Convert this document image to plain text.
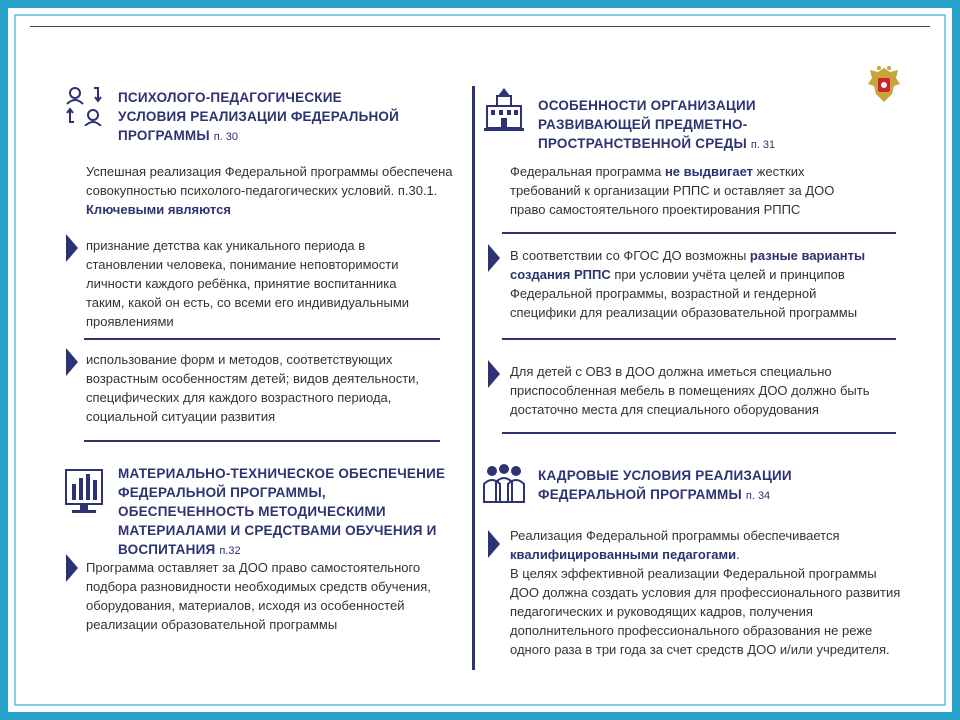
ПСИХОЛОГО-ПЕДАГОГИЧЕСКИЕ УСЛОВИЯ РЕАЛИЗАЦИИ ФЕДЕРАЛЬНОЙ ПРОГРАММЫ п. 30
Успешная реализация Федеральной программы обеспечена совокупностью психолого-педагогических условий. п.30.1. Ключевыми являются
признание детства как уникального периода в становлении человека, понимание неповторимости личности каждого ребёнка, принятие воспитанника таким, какой он есть, со всеми его индивидуальными проявлениями
использование форм и методов, соответствующих возрастным особенностям детей; видов деятельности, специфических для каждого возрастного периода, социальной ситуации развития
МАТЕРИАЛЬНО-ТЕХНИЧЕСКОЕ ОБЕСПЕЧЕНИЕ ФЕДЕРАЛЬНОЙ ПРОГРАММЫ, ОБЕСПЕЧЕННОСТЬ МЕТОДИЧЕСКИМИ МАТЕРИАЛАМИ И СРЕДСТВАМИ ОБУЧЕНИЯ И ВОСПИТАНИЯ п.32
Программа оставляет за ДОО право самостоятельного подбора разновидности необходимых средств обучения, оборудования, материалов, исходя из особенностей реализации образовательной программы
ОСОБЕННОСТИ ОРГАНИЗАЦИИ РАЗВИВАЮЩЕЙ ПРЕДМЕТНО-ПРОСТРАНСТВЕННОЙ СРЕДЫ п. 31
Федеральная программа не выдвигает жестких требований к организации РППС и оставляет за ДОО право самостоятельного проектирования РППС
В соответствии со ФГОС ДО возможны разные варианты создания РППС при условии учёта целей и принципов Федеральной программы, возрастной и гендерной специфики для реализации образовательной программы
Для детей с ОВЗ в ДОО должна иметься специально приспособленная мебель в помещениях ДОО должно быть достаточно места для специального оборудования
КАДРОВЫЕ УСЛОВИЯ РЕАЛИЗАЦИИ ФЕДЕРАЛЬНОЙ ПРОГРАММЫ п. 34
Реализация Федеральной программы обеспечивается квалифицированными педагогами.
В целях эффективной реализации Федеральной программы ДОО должна создать условия для профессионального развития педагогических и руководящих кадров, получения дополнительного профессионального образования не реже одного раза в три года за счет средств ДОО и/или учредителя.
